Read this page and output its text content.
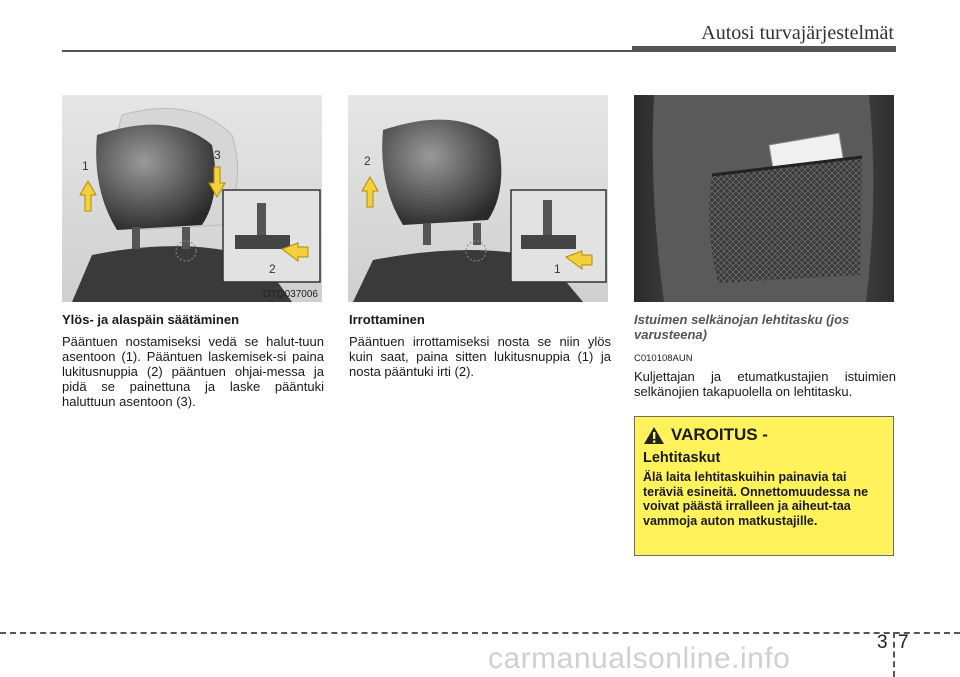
Autosi turvajärjestelmät
1
3
2
OTQ037006
2
1

Ylös- ja alaspäin säätäminen

Pääntuen nostamiseksi vedä se halut-tuun asentoon (1). Pääntuen laskemisek-si paina lukitusnuppia (2) pääntuen ohjai-messa ja pidä se painettuna ja laske pääntuki haluttuun asentoon (3).

Irrottaminen

Pääntuen irrottamiseksi nosta se niin ylös kuin saat, paina sitten lukitusnuppia (1) ja nosta pääntuki irti (2).

Istuimen selkänojan lehtitasku (jos varusteena)

C010108AUN

Kuljettajan ja etumatkustajien istuimien selkänojien takapuolella on lehtitasku.

VAROITUS -
Lehtitaskut
Älä laita lehtitaskuihin painavia tai teräviä esineitä. Onnettomuudessa ne voivat päästä irralleen ja aiheut-taa vammoja auton matkustajille.
3 7
carmanualsonline.info
